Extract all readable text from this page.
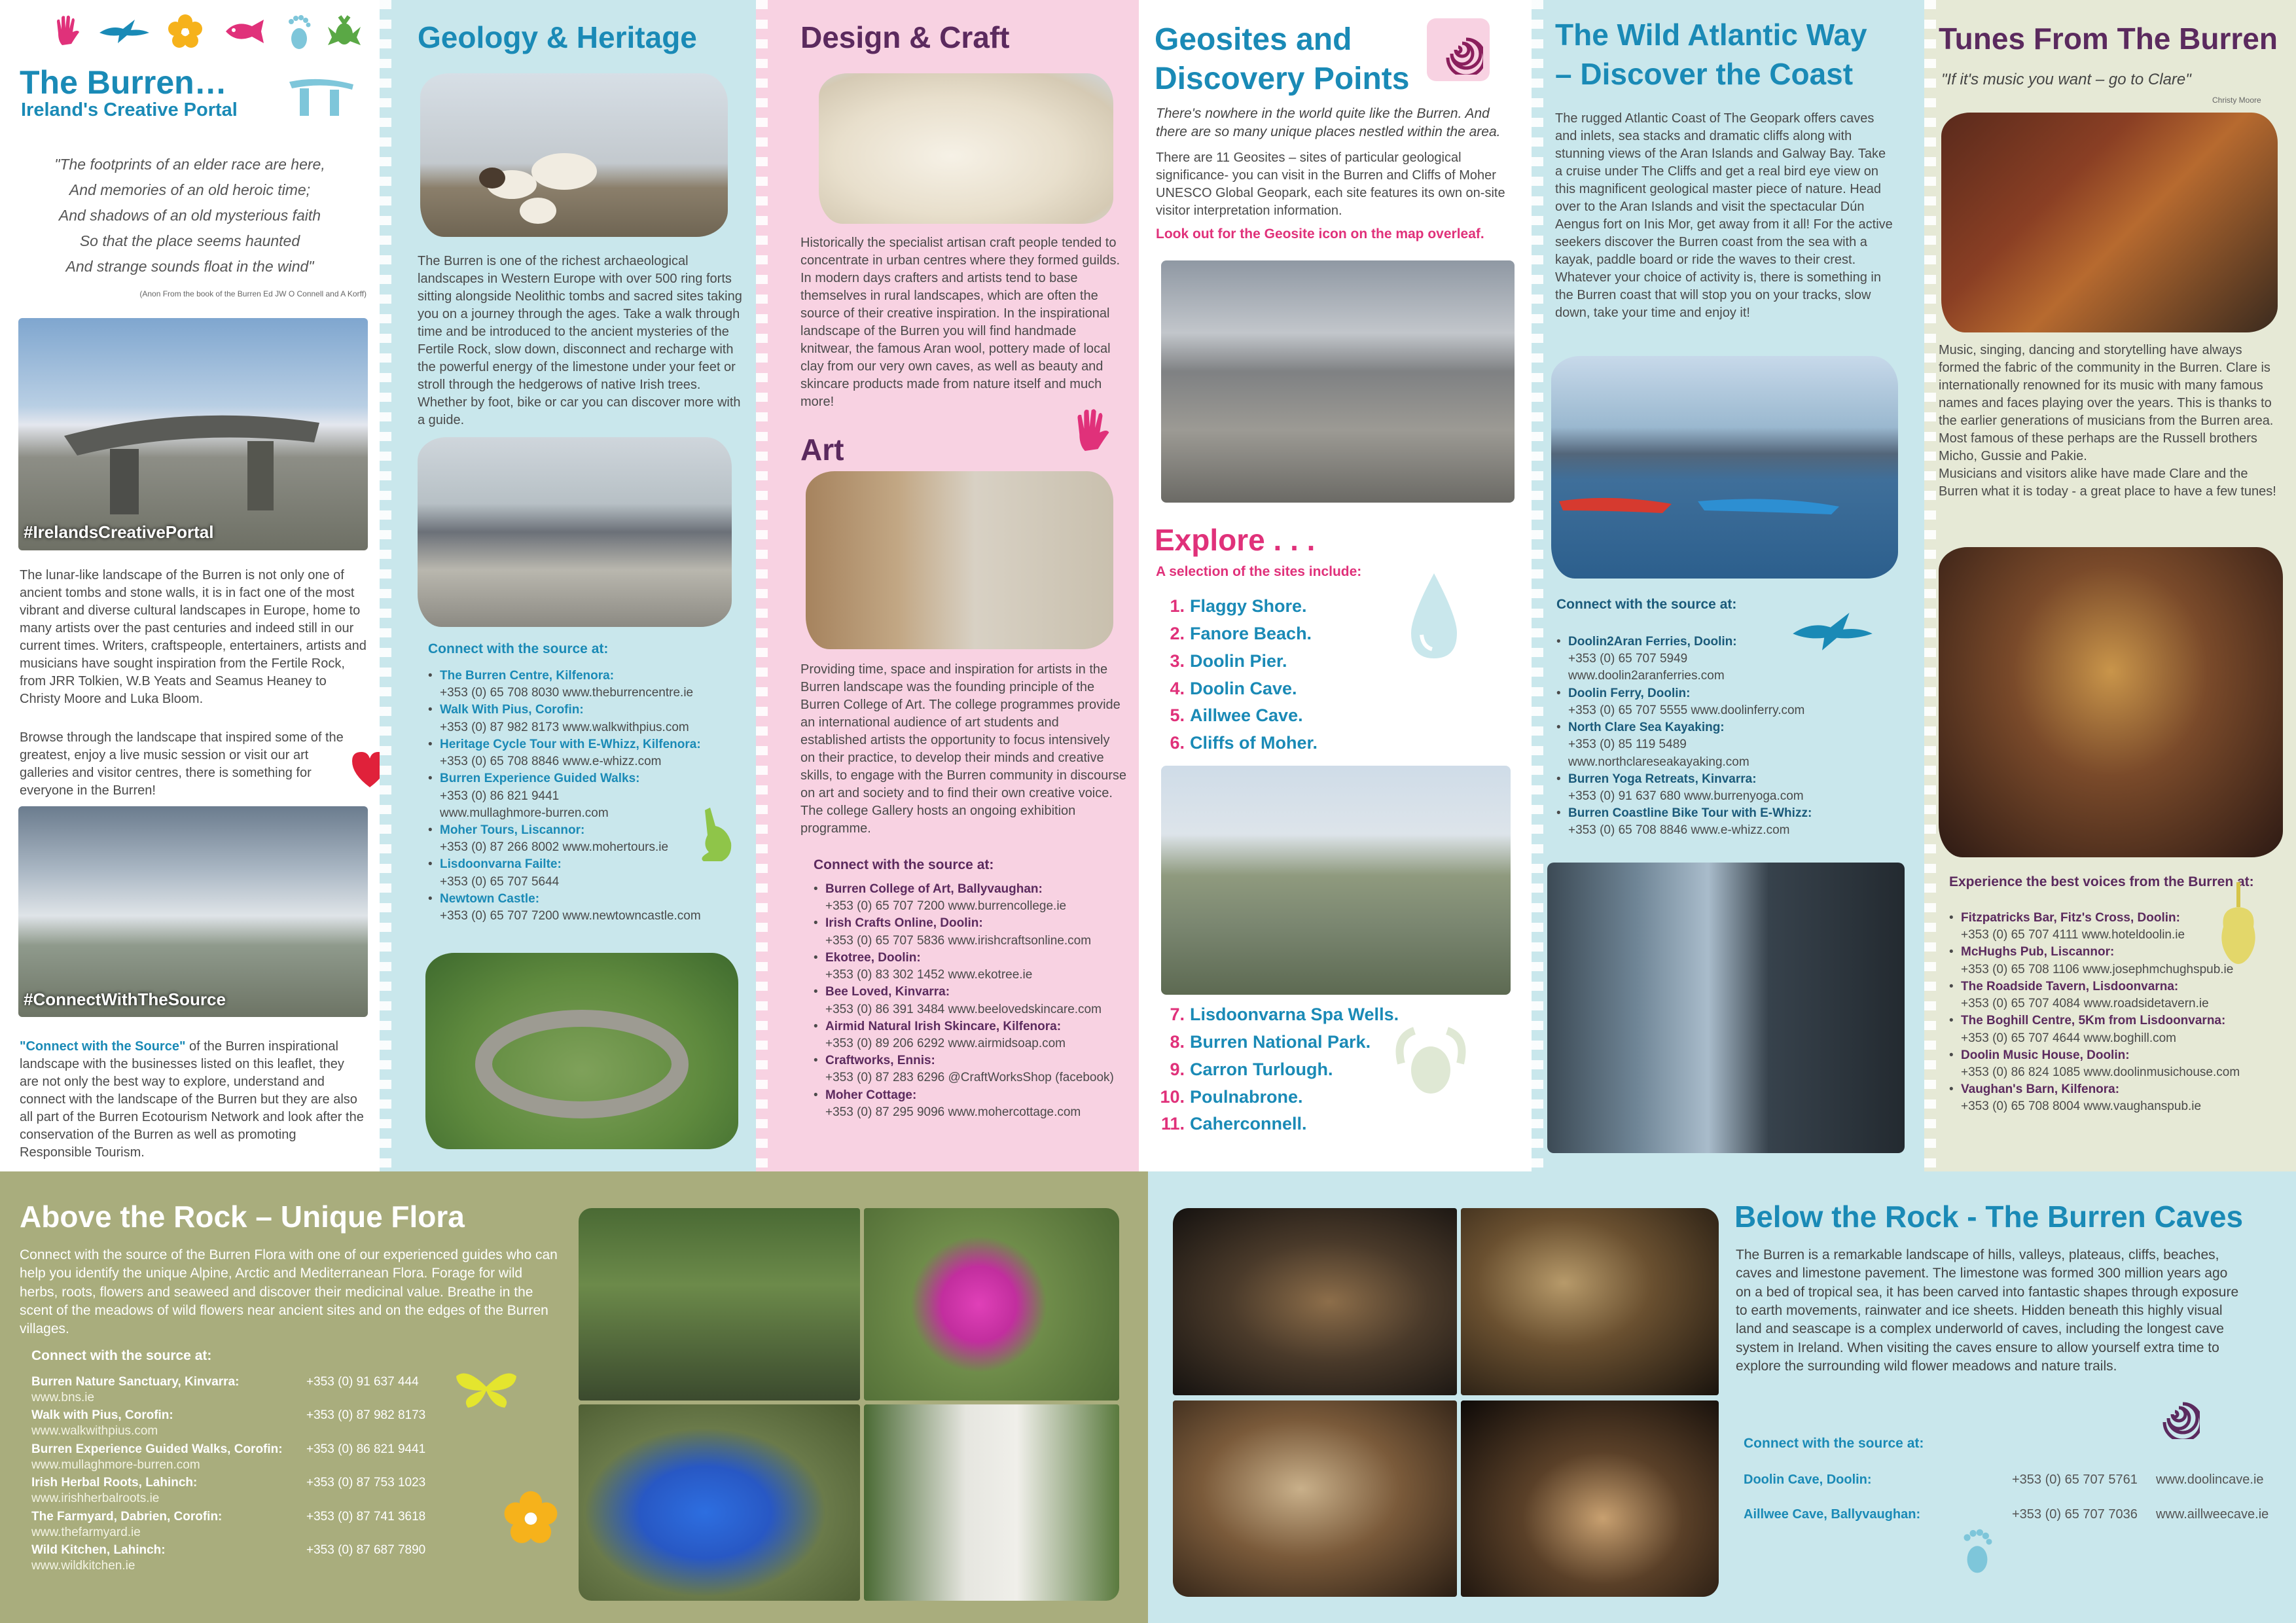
The Burren…
Ireland's Creative Portal
"The footprints of an elder race are here,
And memories of an old heroic time;
And shadows of an old mysterious faith
So that the place seems haunted
And strange sounds float in the wind"
(Anon From the book of the Burren Ed JW O Connell and A Korff)
#IrelandsCreativePortal
The lunar-like landscape of the Burren is not only one of ancient tombs and stone walls, it is in fact one of the most vibrant and diverse cultural landscapes in Europe, home to many artists over the past centuries and indeed still in our current times. Writers, craftspeople, entertainers, artists and musicians have sought inspiration from the Fertile Rock, from JRR Tolkien, W.B Yeats and Seamus Heaney to Christy Moore and Luka Bloom.
Browse through the landscape that inspired some of the greatest, enjoy a live music session or visit our art galleries and visitor centres, there is something for everyone in the Burren!
#ConnectWithTheSource
"Connect with the Source" of the Burren inspirational landscape with the businesses listed on this leaflet, they are not only the best way to explore, understand and connect with the landscape of the Burren but they are also all part of the Burren Ecotourism Network and look after the conservation of the Burren as well as promoting Responsible Tourism.
Geology & Heritage
The Burren is one of the richest archaeological landscapes in Western Europe with over 500 ring forts sitting alongside Neolithic tombs and sacred sites taking you on a journey through the ages. Take a walk through time and be introduced to the ancient mysteries of the Fertile Rock, slow down, disconnect and recharge with the powerful energy of the limestone under your feet or stroll through the hedgerows of native Irish trees. Whether by foot, bike or car you can discover more with a guide.
Connect with the source at:
• The Burren Centre, Kilfenora:
+353 (0) 65 708 8030 www.theburrencentre.ie
• Walk With Pius, Corofin:
+353 (0) 87 982 8173 www.walkwithpius.com
• Heritage Cycle Tour with E-Whizz, Kilfenora:
+353 (0) 65 708 8846 www.e-whizz.com
• Burren Experience Guided Walks:
+353 (0) 86 821 9441
www.mullaghmore-burren.com
• Moher Tours, Liscannor:
+353 (0) 87 266 8002 www.mohertours.ie
• Lisdoonvarna Failte:
+353 (0) 65 707 5644
• Newtown Castle:
+353 (0) 65 707 7200 www.newtowncastle.com
Design & Craft
Historically the specialist artisan craft people tended to concentrate in urban centres where they formed guilds. In modern days crafters and artists tend to base themselves in rural landscapes, which are often the source of their creative inspiration. In the inspirational landscape of the Burren you will find handmade knitwear, the famous Aran wool, pottery made of local clay from our very own caves, as well as beauty and skincare products made from nature itself and much more!
Art
Providing time, space and inspiration for artists in the Burren landscape was the founding principle of the Burren College of Art. The college programmes provide an international audience of art students and established artists the opportunity to focus intensively on their practice, to develop their minds and creative skills, to engage with the Burren community in discourse on art and society and to find their own creative voice. The college Gallery hosts an ongoing exhibition programme.
Connect with the source at:
• Burren College of Art, Ballyvaughan:
+353 (0) 65 707 7200 www.burrencollege.ie
• Irish Crafts Online, Doolin:
+353 (0) 65 707 5836 www.irishcraftsonline.com
• Ekotree, Doolin:
+353 (0) 83 302 1452 www.ekotree.ie
• Bee Loved, Kinvarra:
+353 (0) 86 391 3484 www.beelovedskincare.com
• Airmid Natural Irish Skincare, Kilfenora:
+353 (0) 89 206 6292 www.airmidsoap.com
• Craftworks, Ennis:
+353 (0) 87 283 6296 @CraftWorksShop (facebook)
• Moher Cottage:
+353 (0) 87 295 9096 www.mohercottage.com
Geosites and
Discovery Points
There's nowhere in the world quite like the Burren. And there are so many unique places nestled within the area.
There are 11 Geosites – sites of particular geological significance- you can visit in the Burren and Cliffs of Moher UNESCO Global Geopark, each site features its own on-site visitor interpretation information.
Look out for the Geosite icon on the map overleaf.
Explore . . .
A selection of the sites include:
1. Flaggy Shore.
2. Fanore Beach.
3. Doolin Pier.
4. Doolin Cave.
5. Aillwee Cave.
6. Cliffs of Moher.
7. Lisdoonvarna Spa Wells.
8. Burren National Park.
9. Carron Turlough.
10. Poulnabrone.
11. Caherconnell.
The Wild Atlantic Way
– Discover the Coast
The rugged Atlantic Coast of The Geopark offers caves and inlets, sea stacks and dramatic cliffs along with stunning views of the Aran Islands and Galway Bay. Take a cruise under The Cliffs and get a real bird eye view on this magnificent geological master piece of nature. Head over to the Aran Islands and visit the spectacular Dún Aengus fort on Inis Mor, get away from it all! For the active seekers discover the Burren coast from the sea with a kayak, paddle board or ride the waves to their crest. Whatever your choice of activity is, there is something in the Burren coast that will stop you on your tracks, slow down, take your time and enjoy it!
Connect with the source at:
• Doolin2Aran Ferries, Doolin:
+353 (0) 65 707 5949
www.doolin2aranferries.com
• Doolin Ferry, Doolin:
+353 (0) 65 707 5555 www.doolinferry.com
• North Clare Sea Kayaking:
+353 (0) 85 119 5489
www.northclareseakayaking.com
• Burren Yoga Retreats, Kinvarra:
+353 (0) 91 637 680 www.burrenyoga.com
• Burren Coastline Bike Tour with E-Whizz:
+353 (0) 65 708 8846 www.e-whizz.com
Tunes From The Burren
"If it's music you want – go to Clare"
Christy Moore
Music, singing, dancing and storytelling have always formed the fabric of the community in the Burren. Clare is internationally renowned for its music with many famous names and faces playing over the years. This is thanks to the earlier generations of musicians from the Burren area. Most famous of these perhaps are the Russell brothers Micho, Gussie and Pakie.
Musicians and visitors alike have made Clare and the Burren what it is today - a great place to have a few tunes!
Experience the best voices from the Burren at:
• Fitzpatricks Bar, Fitz's Cross, Doolin:
+353 (0) 65 707 4111 www.hoteldoolin.ie
• McHughs Pub, Liscannor:
+353 (0) 65 708 1106 www.josephmchughspub.ie
• The Roadside Tavern, Lisdoonvarna:
+353 (0) 65 707 4084 www.roadsidetavern.ie
• The Boghill Centre, 5Km from Lisdoonvarna:
+353 (0) 65 707 4644 www.boghill.com
• Doolin Music House, Doolin:
+353 (0) 86 824 1085 www.doolinmusichouse.com
• Vaughan's Barn, Kilfenora:
+353 (0) 65 708 8004 www.vaughanspub.ie
Above the Rock – Unique Flora
Connect with the source of the Burren Flora with one of our experienced guides who can help you identify the unique Alpine, Arctic and Mediterranean Flora. Forage for wild herbs, roots, flowers and seaweed and discover their medicinal value. Breathe in the scent of the meadows of wild flowers near ancient sites and on the edges of the Burren villages.
Connect with the source at:
Burren Nature Sanctuary, Kinvarra:	+353 (0) 91 637 444
www.bns.ie
Walk with Pius, Corofin:	+353 (0) 87 982 8173
www.walkwithpius.com
Burren Experience Guided Walks, Corofin:	+353 (0) 86 821 9441
www.mullaghmore-burren.com
Irish Herbal Roots, Lahinch:	+353 (0) 87 753 1023
www.irishherbalroots.ie
The Farmyard, Dabrien, Corofin:	+353 (0) 87 741 3618
www.thefarmyard.ie
Wild Kitchen, Lahinch:	+353 (0) 87 687 7890
www.wildkitchen.ie
Below the Rock - The Burren Caves
The Burren is a remarkable landscape of hills, valleys, plateaus, cliffs, beaches, caves and limestone pavement. The limestone was formed 300 million years ago on a bed of tropical sea, it has been carved into fantastic shapes through exposure to earth movements, rainwater and ice sheets. Hidden beneath this highly visual land and seascape is a complex underworld of caves, including the longest cave system in Ireland. When visiting the caves ensure to allow yourself extra time to explore the surrounding wild flower meadows and nature trails.
Connect with the source at:
Doolin Cave, Doolin:	+353 (0) 65 707 5761	www.doolincave.ie
Aillwee Cave, Ballyvaughan:	+353 (0) 65 707 7036	www.aillweecave.ie
